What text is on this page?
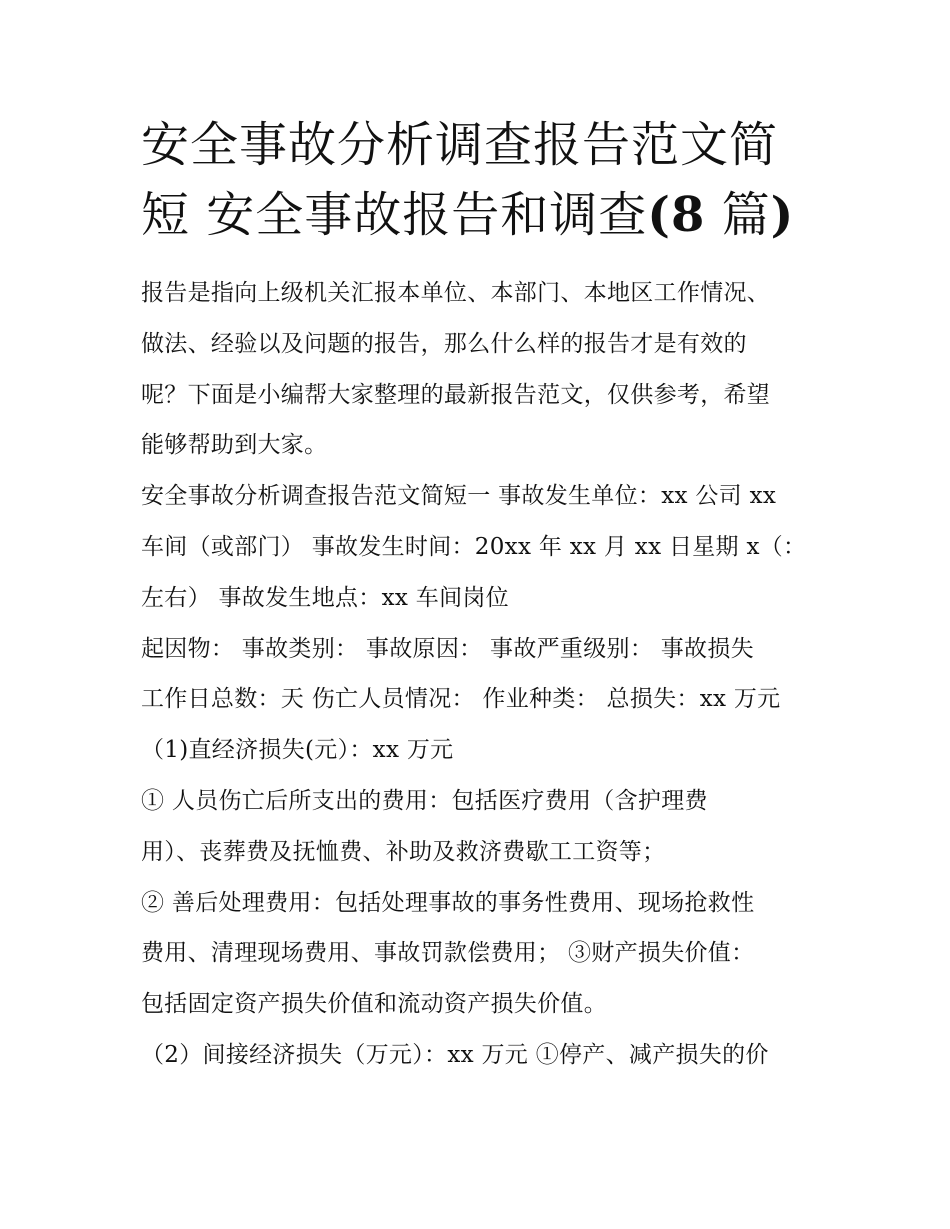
安全事故分析调查报告范文简
短 安全事故报告和调查(8 篇)
报告是指向上级机关汇报本单位、本部门、本地区工作情况、
做法、经验以及问题的报告，那么什么样的报告才是有效的
呢？下面是小编帮大家整理的最新报告范文，仅供参考，希望
能够帮助到大家。
安全事故分析调查报告范文简短一 事故发生单位：xx 公司 xx
车间（或部门） 事故发生时间：20xx 年 xx 月 xx 日星期 x（：
左右） 事故发生地点：xx 车间岗位
起因物： 事故类别： 事故原因： 事故严重级别： 事故损失
工作日总数：天 伤亡人员情况： 作业种类： 总损失：xx 万元
（1)直经济损失(元）：xx 万元
① 人员伤亡后所支出的费用：包括医疗费用（含护理费
用）、丧葬费及抚恤费、补助及救济费歇工工资等；
② 善后处理费用：包括处理事故的事务性费用、现场抢救性
费用、清理现场费用、事故罚款偿费用； ③财产损失价值：
包括固定资产损失价值和流动资产损失价值。
（2）间接经济损失（万元）：xx 万元 ①停产、减产损失的价
